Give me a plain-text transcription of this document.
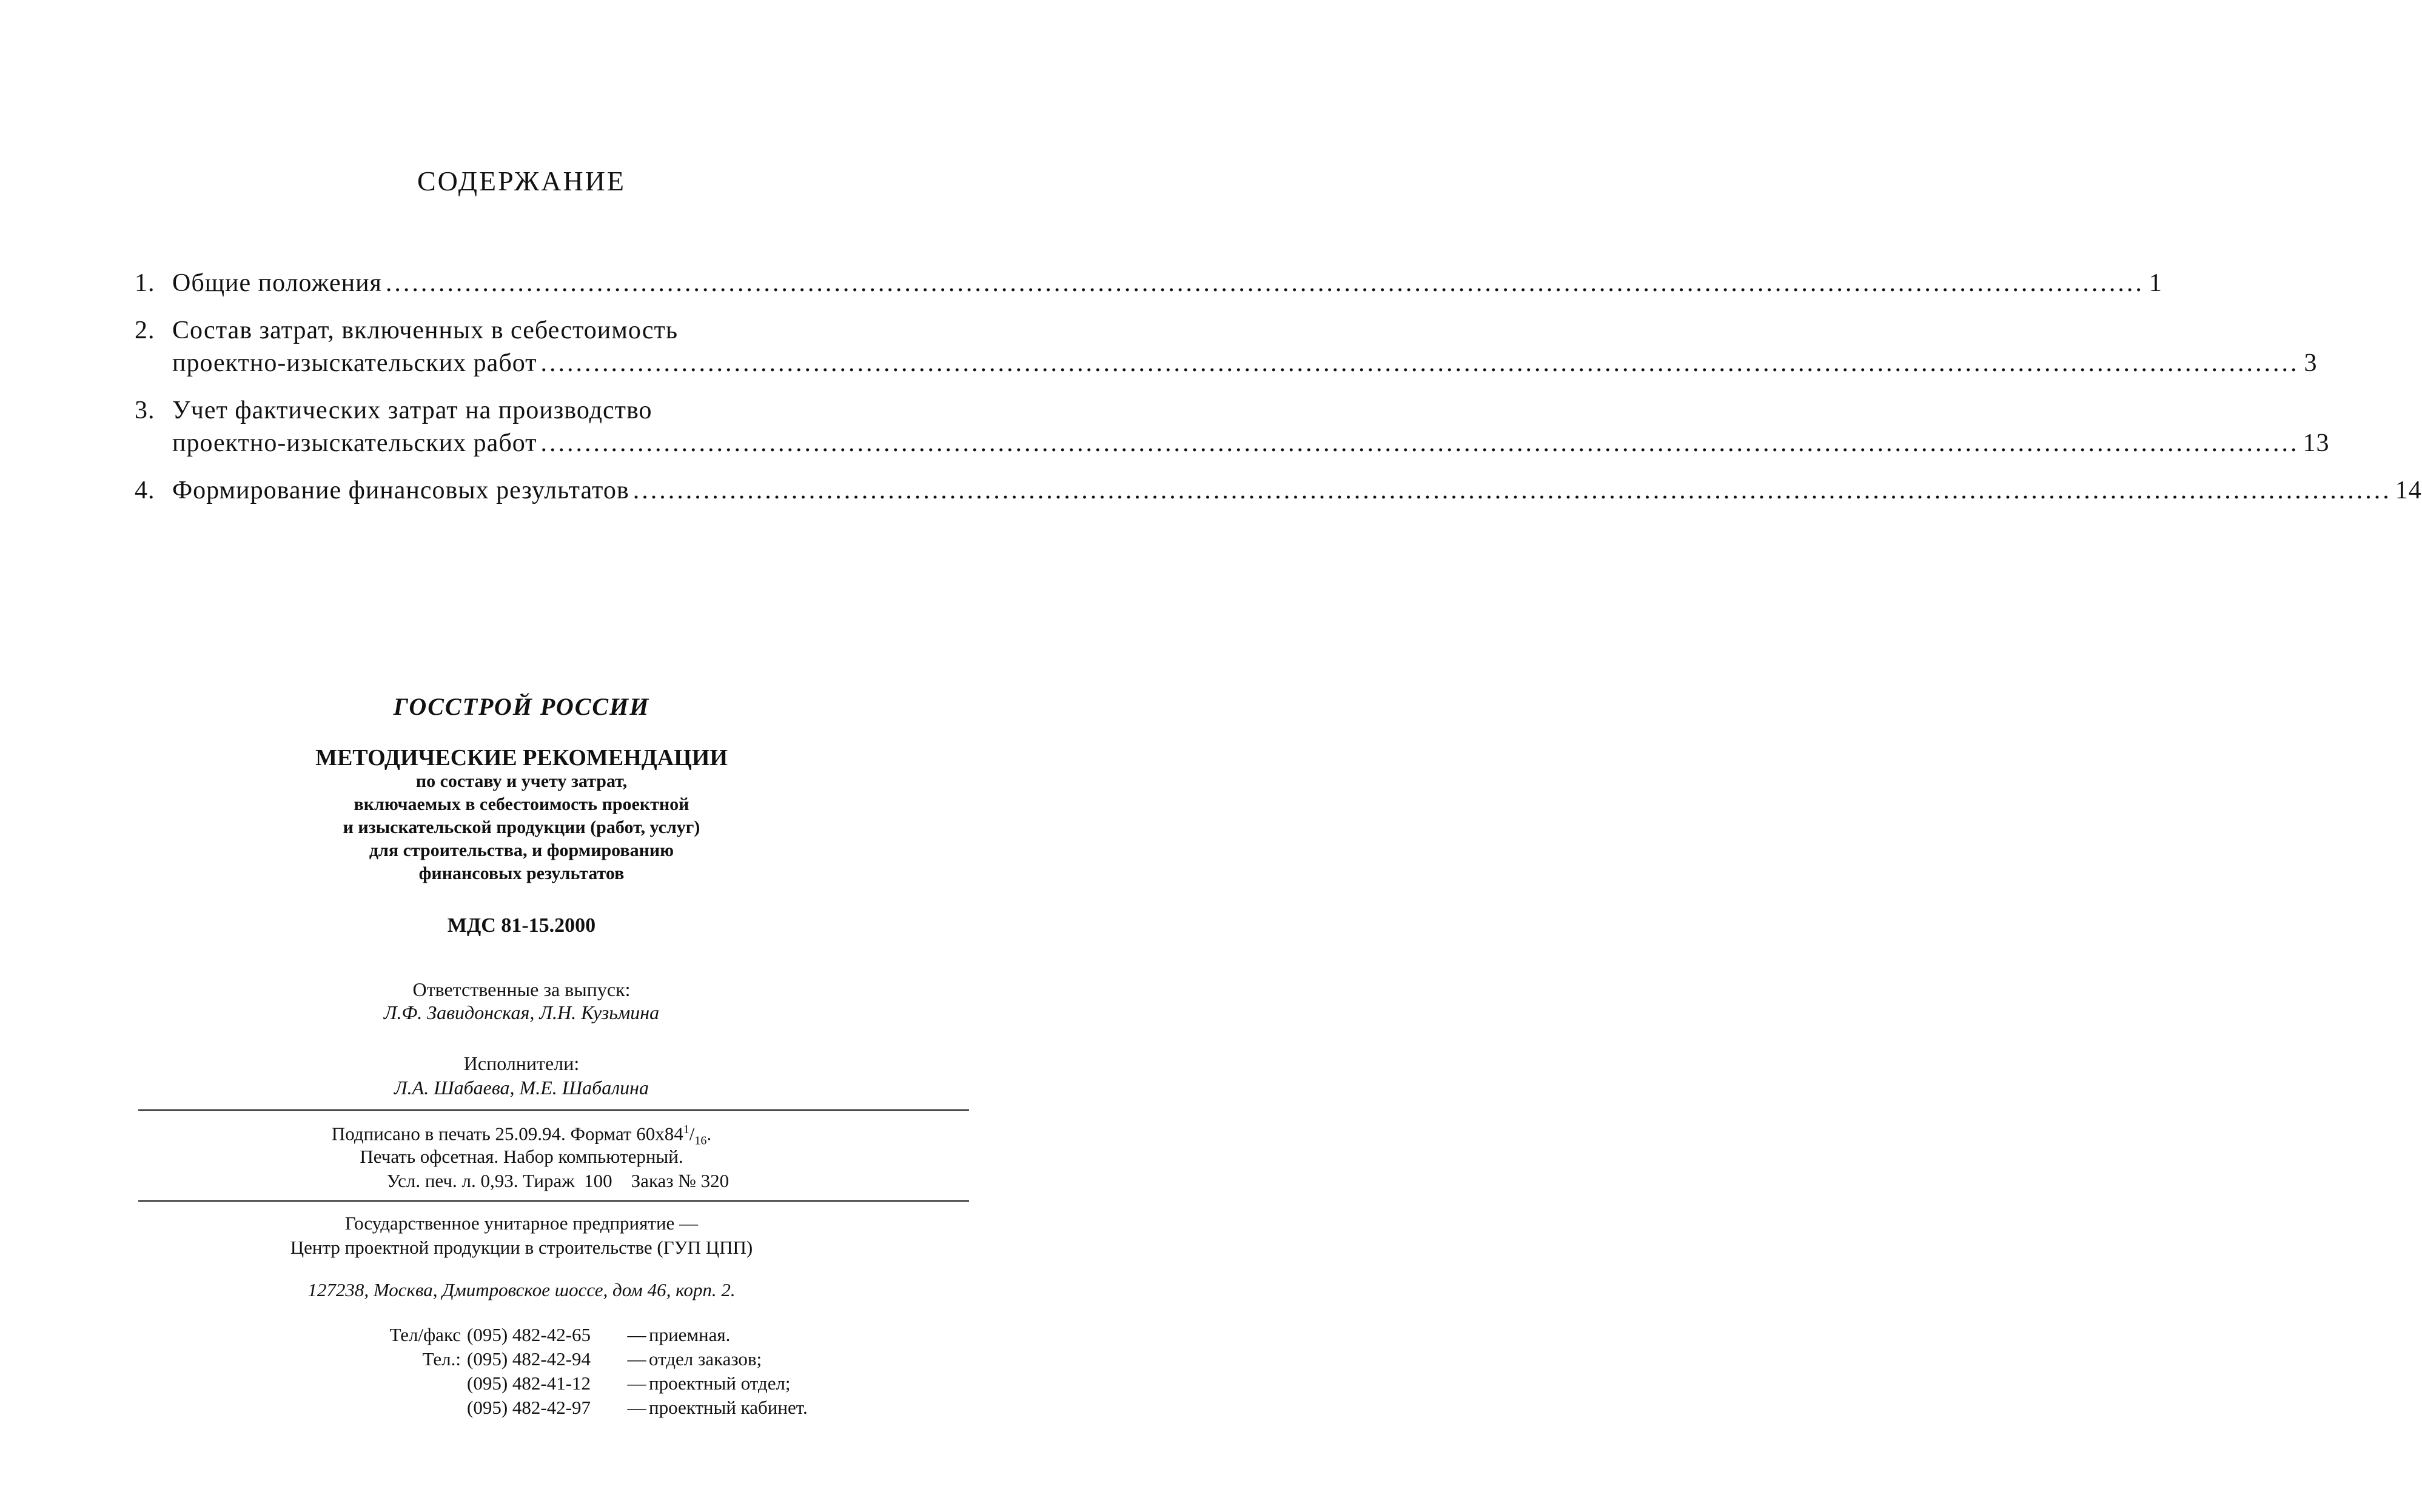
СОДЕРЖАНИЕ
1. Общие положения ........................................................................................................................................................................................................ 1
2. Состав затрат, включенных в себестоимость
проектно-изыскательских работ ........................................................................................................................................................................................................ 3
3. Учет фактических затрат на производство
проектно-изыскательских работ ........................................................................................................................................................................................................ 13
4. Формирование финансовых результатов ........................................................................................................................................................................................................ 14
ГОССТРОЙ РОССИИ
МЕТОДИЧЕСКИЕ РЕКОМЕНДАЦИИ
по составу и учету затрат,
включаемых в себестоимость проектной
и изыскательской продукции (работ, услуг)
для строительства, и формированию
финансовых результатов
МДС 81-15.2000
Ответственные за выпуск:
Л.Ф. Завидонская, Л.Н. Кузьмина
Исполнители:
Л.А. Шабаева, М.Е. Шабалина
Подписано в печать 25.09.94. Формат $60х84^1/_{16}$.
Печать офсетная. Набор компьютерный.
Усл. печ. л. 0,93. Тираж  100    Заказ № 320
Государственное унитарное предприятие —
Центр проектной продукции в строительстве (ГУП ЦПП)
127238, Москва, Дмитровское шоссе, дом 46, корп. 2.
Тел/факс (095) 482-42-65	— приемная.
Тел.: (095) 482-42-94	— отдел заказов;
(095) 482-41-12	— проектный отдел;
(095) 482-42-97	— проектный кабинет.
